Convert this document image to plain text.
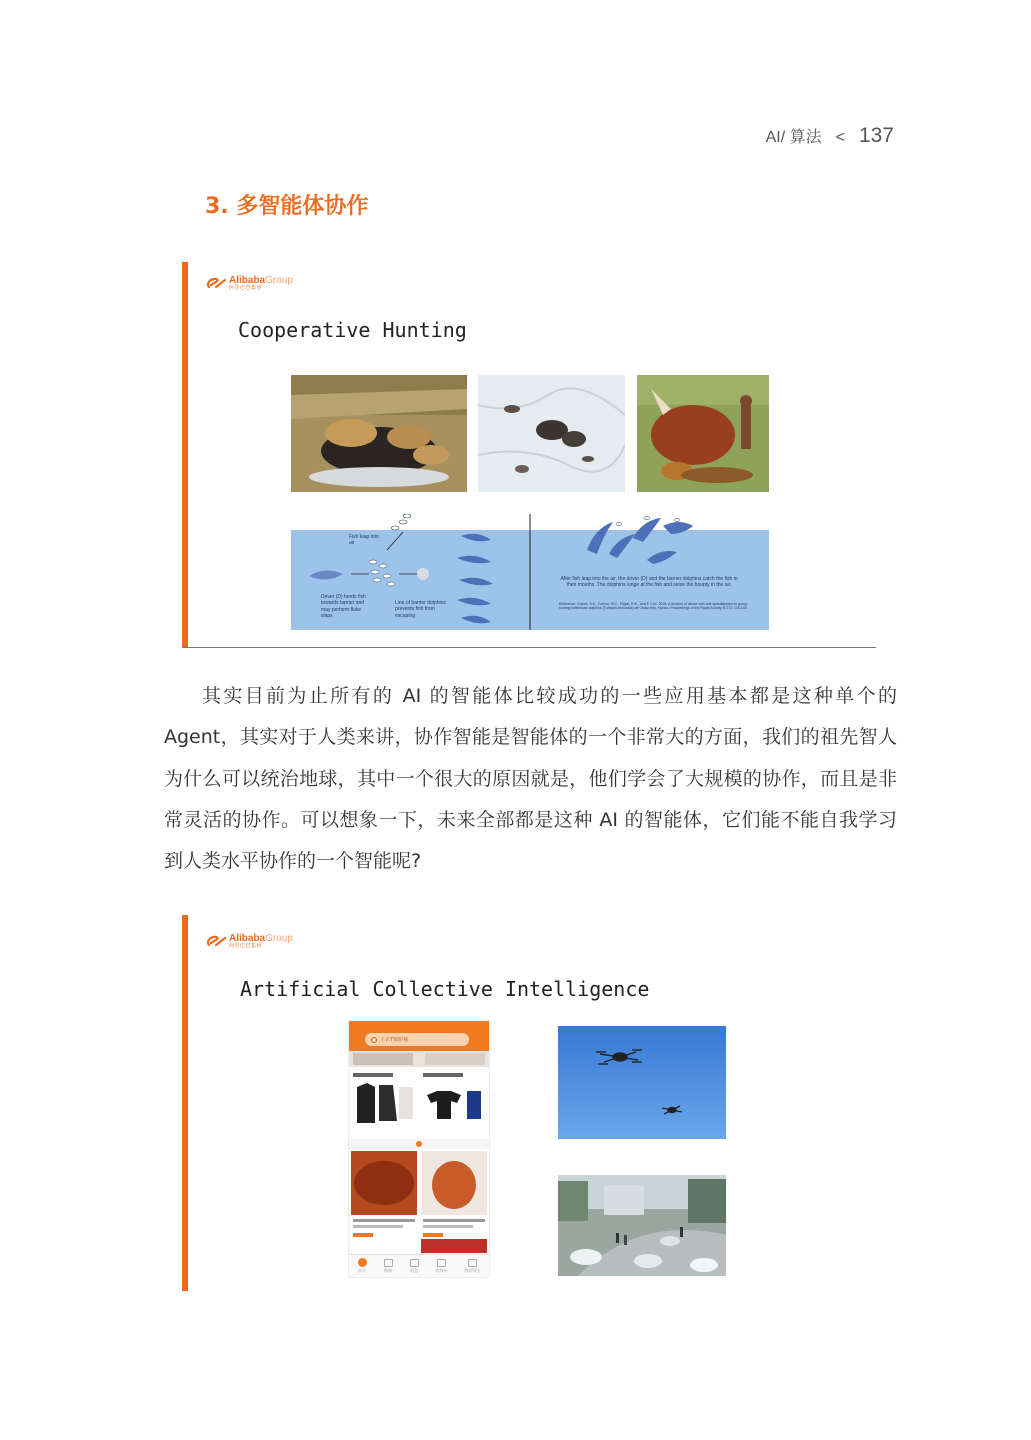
AI/ 算法 < 137
3. 多智能体协作
AlibabaGroup
阿里巴巴集团
Cooperative Hunting
Fish leap into air
Driver (D) herds fish towards barrier and may perform fluke slaps
Line of barrier dolphins prevents fish from escaping
After fish leap into the air, the driver (D) and the barrier dolphins catch the fish in their mouths. The dolphins lunge at the fish and seize the bounty in the air.
Reference: Gazda, S.K., Connor, R.C., Edgar, R.K., and F. Cox. 2005. A division of labour with role specialization in group-hunting bottlenose dolphins (Tursiops truncatus) off Cedar Key, Florida. Proceedings of the Royal Society B 272: 135-140.

其实目前为止所有的 AI 的智能体比较成功的一些应用基本都是这种单个的 Agent，其实对于人类来讲，协作智能是智能体的一个非常大的方面，我们的祖先智人为什么可以统治地球，其中一个很大的原因就是，他们学会了大规模的协作，而且是非常灵活的协作。可以想象一下，未来全部都是这种 AI 的智能体，它们能不能自我学习到人类水平协作的一个智能呢?

AlibabaGroup
阿里巴巴集团
Artificial Collective Intelligence
上衣T恤短袖
首页	微淘	消息	购物车	我的淘宝
